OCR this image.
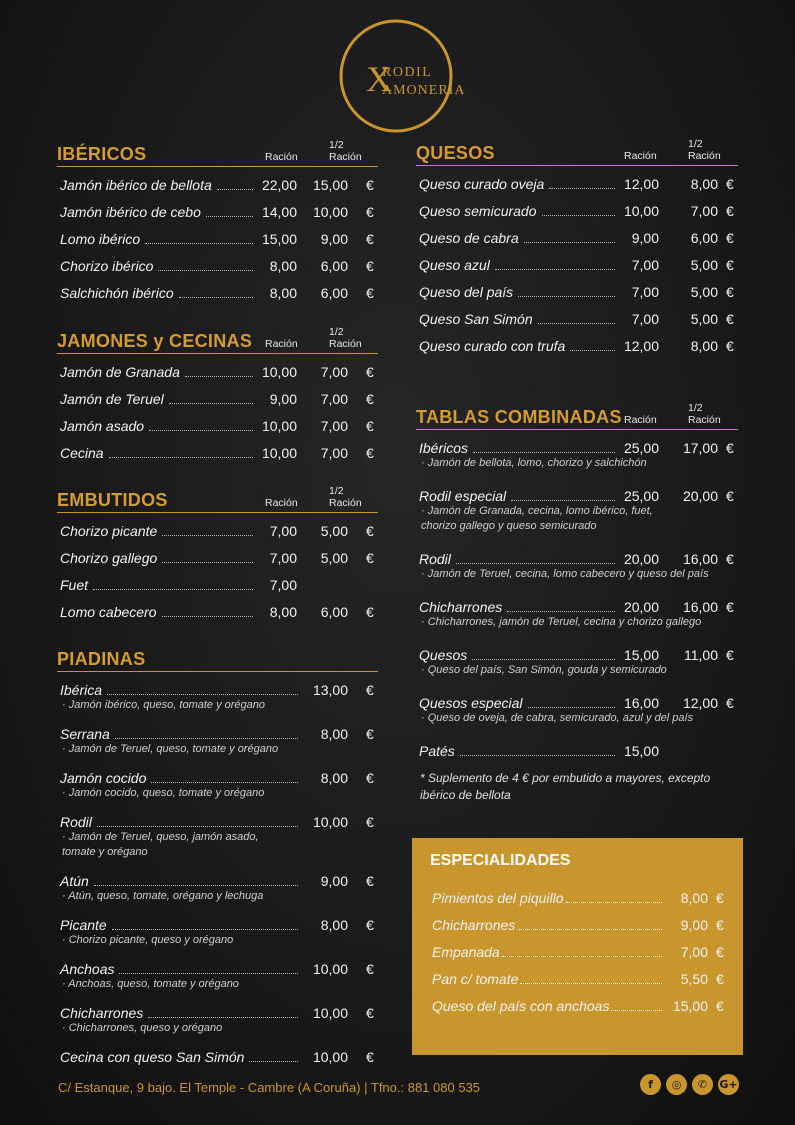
X
RODIL
AMONERIA
IBÉRICOS	Ración
1/2 Ración
Jamón ibérico de bellota	22,00 15,00 €
Jamón ibérico de cebo	14,00 10,00 €
Lomo ibérico	15,00 9,00 €
Chorizo ibérico	8,00 6,00 €
Salchichón ibérico	8,00 6,00 €
JAMONES y CECINAS Ración
1/2 Ración
Jamón de Granada	10,00 7,00 €
Jamón de Teruel	9,00 7,00 €
Jamón asado	10,00 7,00 €
Cecina	10,00 7,00 €
EMBUTIDOS	Ración
1/2 Ración
Chorizo picante	7,00 5,00 €
Chorizo gallego	7,00 5,00 €
Fuet	7,00
Lomo cabecero	8,00 6,00 €
PIADINAS
Ibérica	13,00 €
· Jamón ibérico, queso, tomate y orégano
Serrana	8,00 €
· Jamón de Teruel, queso, tomate y orégano
Jamón cocido	8,00 €
· Jamón cocido, queso, tomate y orégano
Rodil	10,00 €
· Jamón de Teruel, queso, jamón asado,
tomate y orégano
Atún	9,00 €
· Atún, queso, tomate, orégano y lechuga
Picante	8,00 €
· Chorizo picante, queso y orégano
Anchoas	10,00 €
· Anchoas, queso, tomate y orégano
Chicharrones	10,00 €
· Chicharrones, queso y orégano
Cecina con queso San Simón	10,00 €
QUESOS	Ración
1/2 Ración
Queso curado oveja	12,00 8,00 €
Queso semicurado	10,00 7,00 €
Queso de cabra	9,00 6,00 €
Queso azul	7,00 5,00 €
Queso del país	7,00 5,00 €
Queso San Simón	7,00 5,00 €
Queso curado con trufa	12,00 8,00 €
TABLAS COMBINADAS Ración
1/2 Ración
Ibéricos	25,00 17,00 €
· Jamón de bellota, lomo, chorizo y salchichón
Rodil especial	25,00 20,00 €
· Jamón de Granada, cecina, lomo ibérico, fuet,
chorizo gallego y queso semicurado
Rodil	20,00 16,00 €
· Jamón de Teruel, cecina, lomo cabecero y queso del país
Chicharrones	20,00 16,00 €
· Chicharrones, jamón de Teruel, cecina y chorizo gallego
Quesos	15,00 11,00 €
· Queso del país, San Simón, gouda y semicurado
Quesos especial	16,00 12,00 €
· Queso de oveja, de cabra, semicurado, azul y del país
Patés	15,00
ESPECIALIDADES
Pimientos del piquillo	8,00 €
Chicharrones	9,00 €
Empanada	7,00 €
Pan c/ tomate	5,50 €
Queso del país con anchoas	15,00 €
* Suplemento de 4 € por embutido a mayores, excepto
ibérico de bellota
C/ Estanque, 9 bajo. El Temple - Cambre (A Coruña) | Tfno.: 881 080 535	f	◎	✆	G+
